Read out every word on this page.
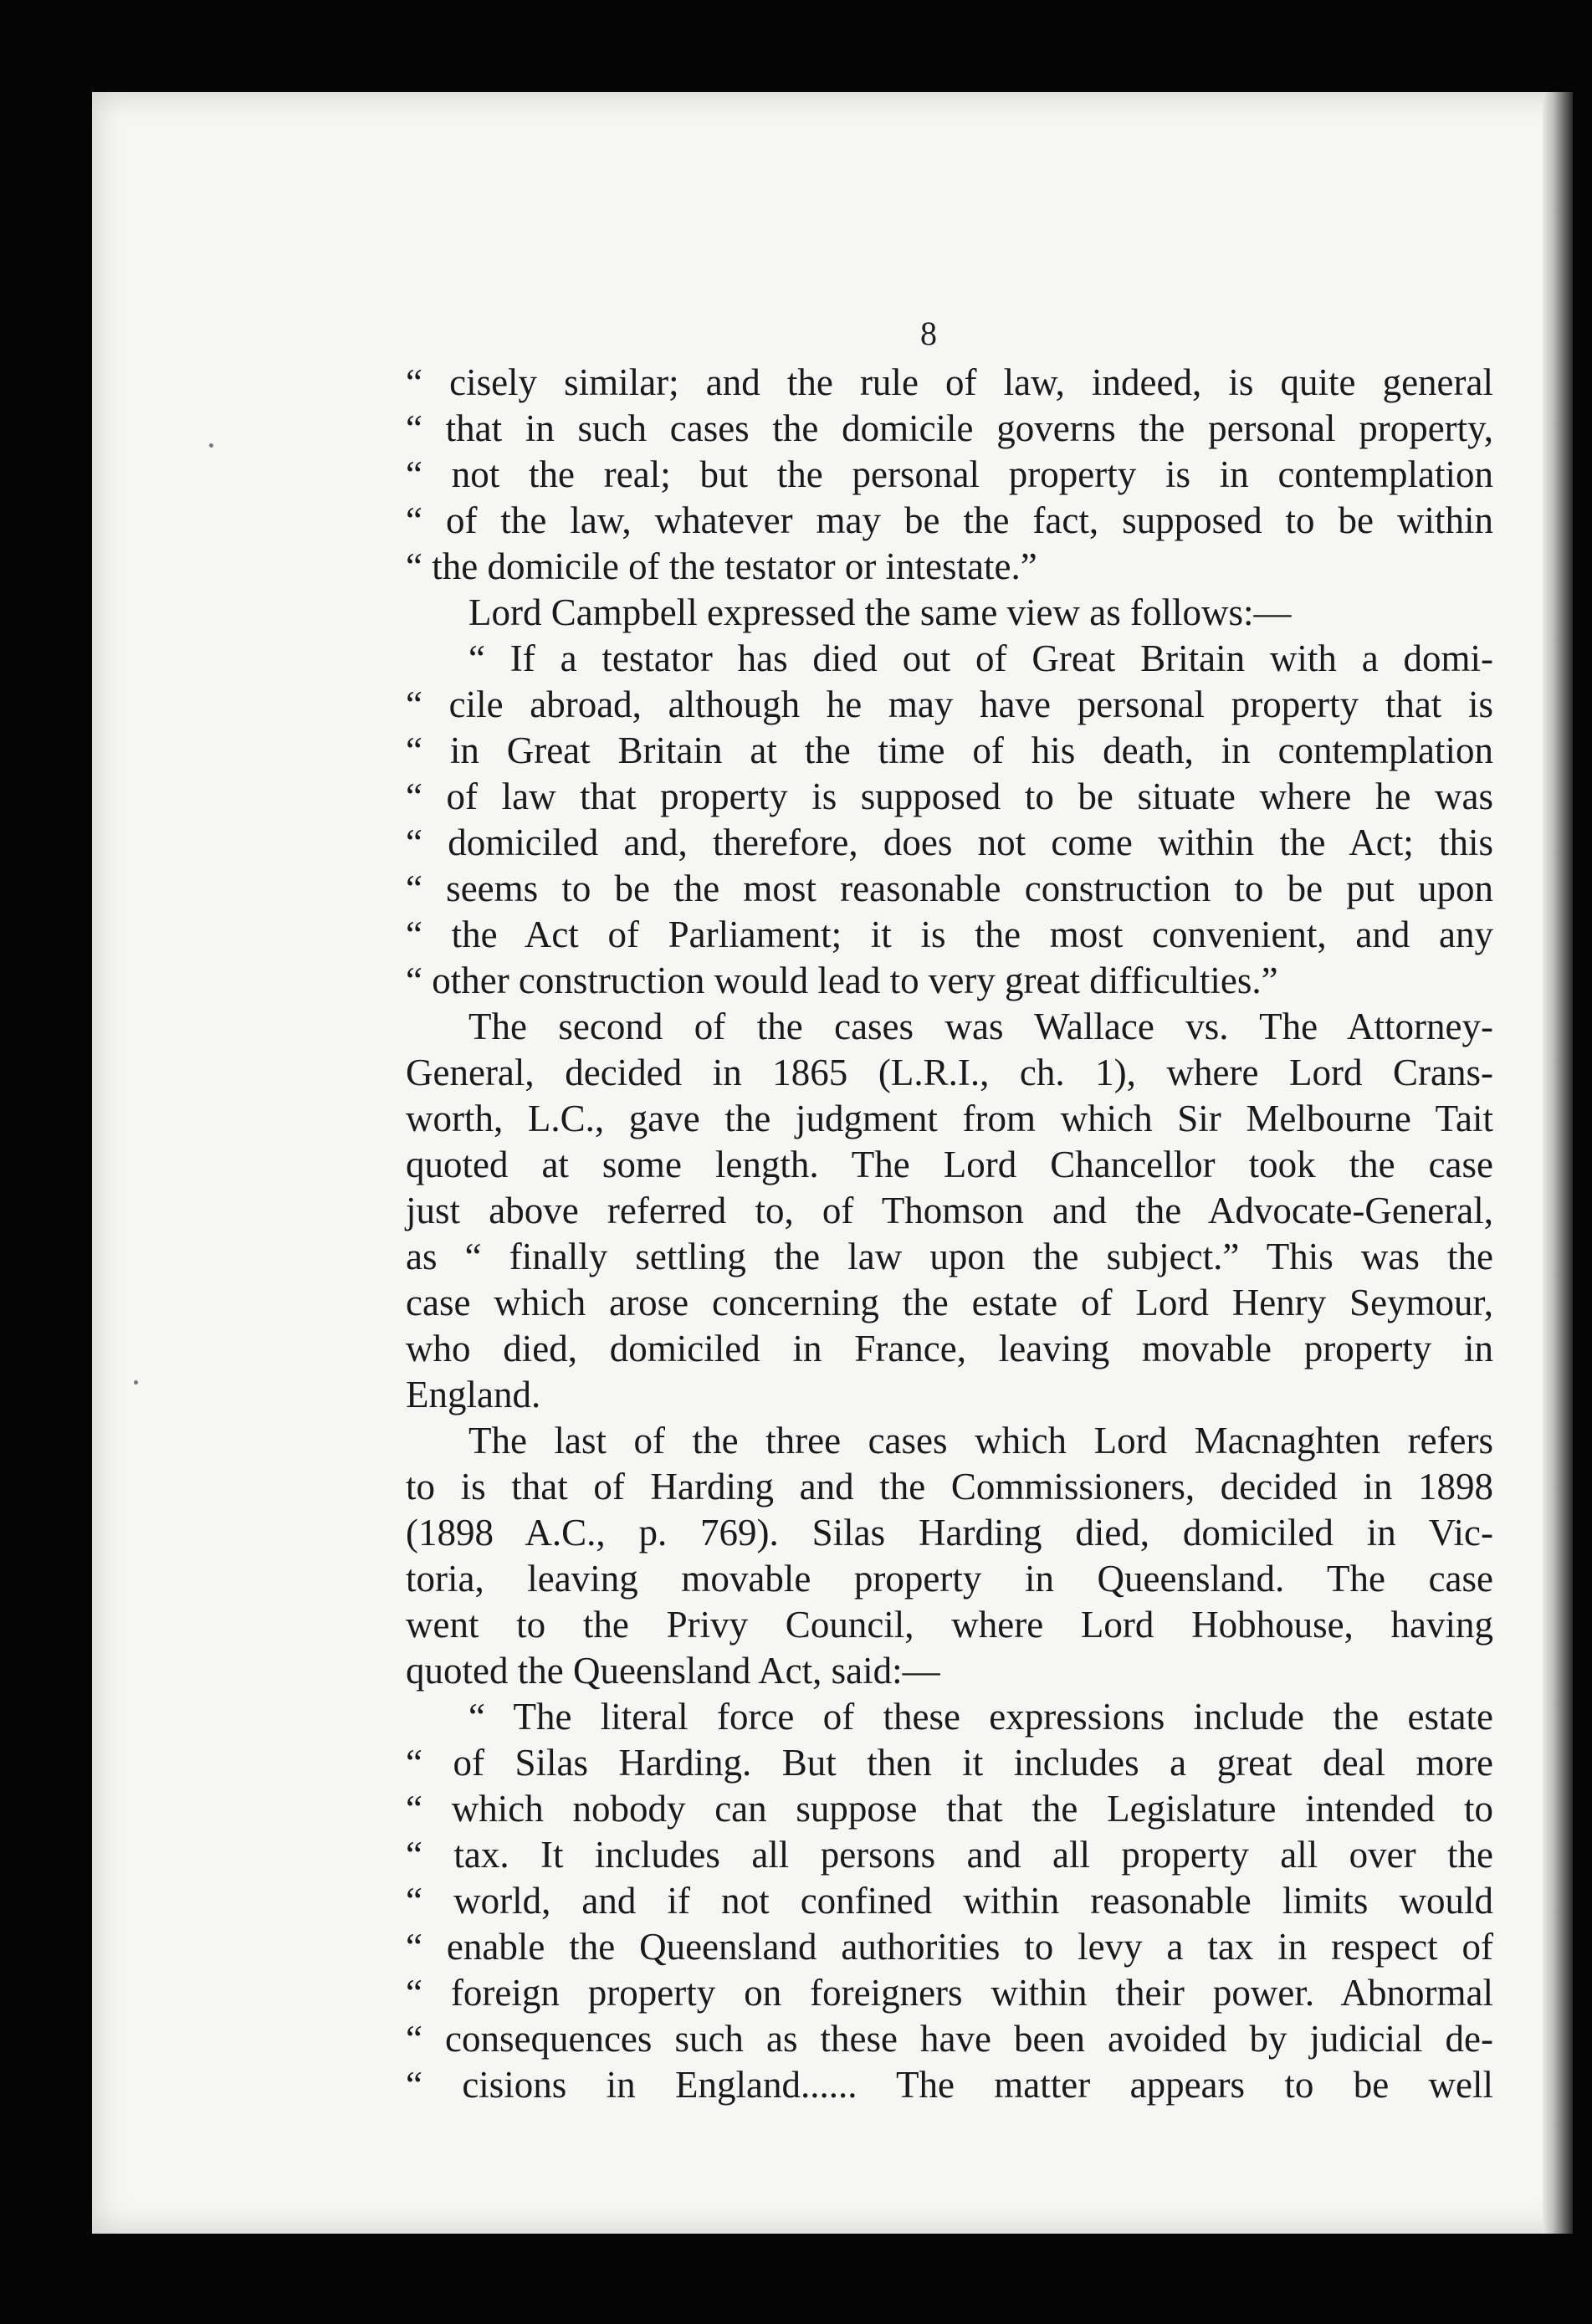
8
“ cisely similar; and the rule of law, indeed, is quite general
“ that in such cases the domicile governs the personal property,
“ not the real; but the personal property is in contemplation
“ of the law, whatever may be the fact, supposed to be within
“ the domicile of the testator or intestate.”
Lord Campbell expressed the same view as follows:—
“ If a testator has died out of Great Britain with a domi-
“ cile abroad, although he may have personal property that is
“ in Great Britain at the time of his death, in contemplation
“ of law that property is supposed to be situate where he was
“ domiciled and, therefore, does not come within the Act; this
“ seems to be the most reasonable construction to be put upon
“ the Act of Parliament; it is the most convenient, and any
“ other construction would lead to very great difficulties.”
The second of the cases was Wallace vs. The Attorney-
General, decided in 1865 (L.R.I., ch. 1), where Lord Crans-
worth, L.C., gave the judgment from which Sir Melbourne Tait
quoted at some length. The Lord Chancellor took the case
just above referred to, of Thomson and the Advocate-General,
as “ finally settling the law upon the subject.” This was the
case which arose concerning the estate of Lord Henry Seymour,
who died, domiciled in France, leaving movable property in
England.
The last of the three cases which Lord Macnaghten refers
to is that of Harding and the Commissioners, decided in 1898
(1898 A.C., p. 769). Silas Harding died, domiciled in Vic-
toria, leaving movable property in Queensland. The case
went to the Privy Council, where Lord Hobhouse, having
quoted the Queensland Act, said:—
“ The literal force of these expressions include the estate
“ of Silas Harding. But then it includes a great deal more
“ which nobody can suppose that the Legislature intended to
“ tax. It includes all persons and all property all over the
“ world, and if not confined within reasonable limits would
“ enable the Queensland authorities to levy a tax in respect of
“ foreign property on foreigners within their power. Abnormal
“ consequences such as these have been avoided by judicial de-
“ cisions in England...... The matter appears to be well
